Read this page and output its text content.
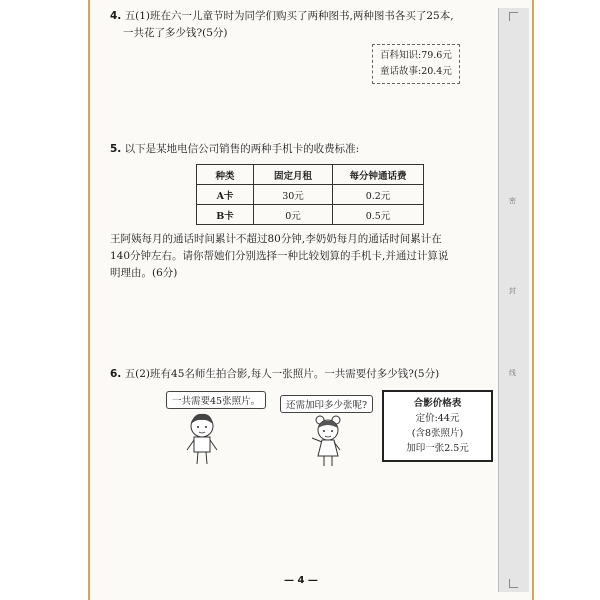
密
封
线
4. 五(1)班在六一儿童节时为同学们购买了两种图书,两种图书各买了25本,
一共花了多少钱?(5分)
百科知识:79.6元
童话故事:20.4元
5. 以下是某地电信公司销售的两种手机卡的收费标准:
种类	固定月租	每分钟通话费
A卡	30元	0.2元
B卡	0元	0.5元
王阿姨每月的通话时间累计不超过80分钟,李奶奶每月的通话时间累计在
140分钟左右。请你帮她们分别选择一种比较划算的手机卡,并通过计算说
明理由。(6分)
6. 五(2)班有45名师生拍合影,每人一张照片。一共需要付多少钱?(5分)
一共需要45张照片。	还需加印多少张呢?	合影价格表
定价:44元
(含8张照片)
加印一张2.5元
— 4 —
